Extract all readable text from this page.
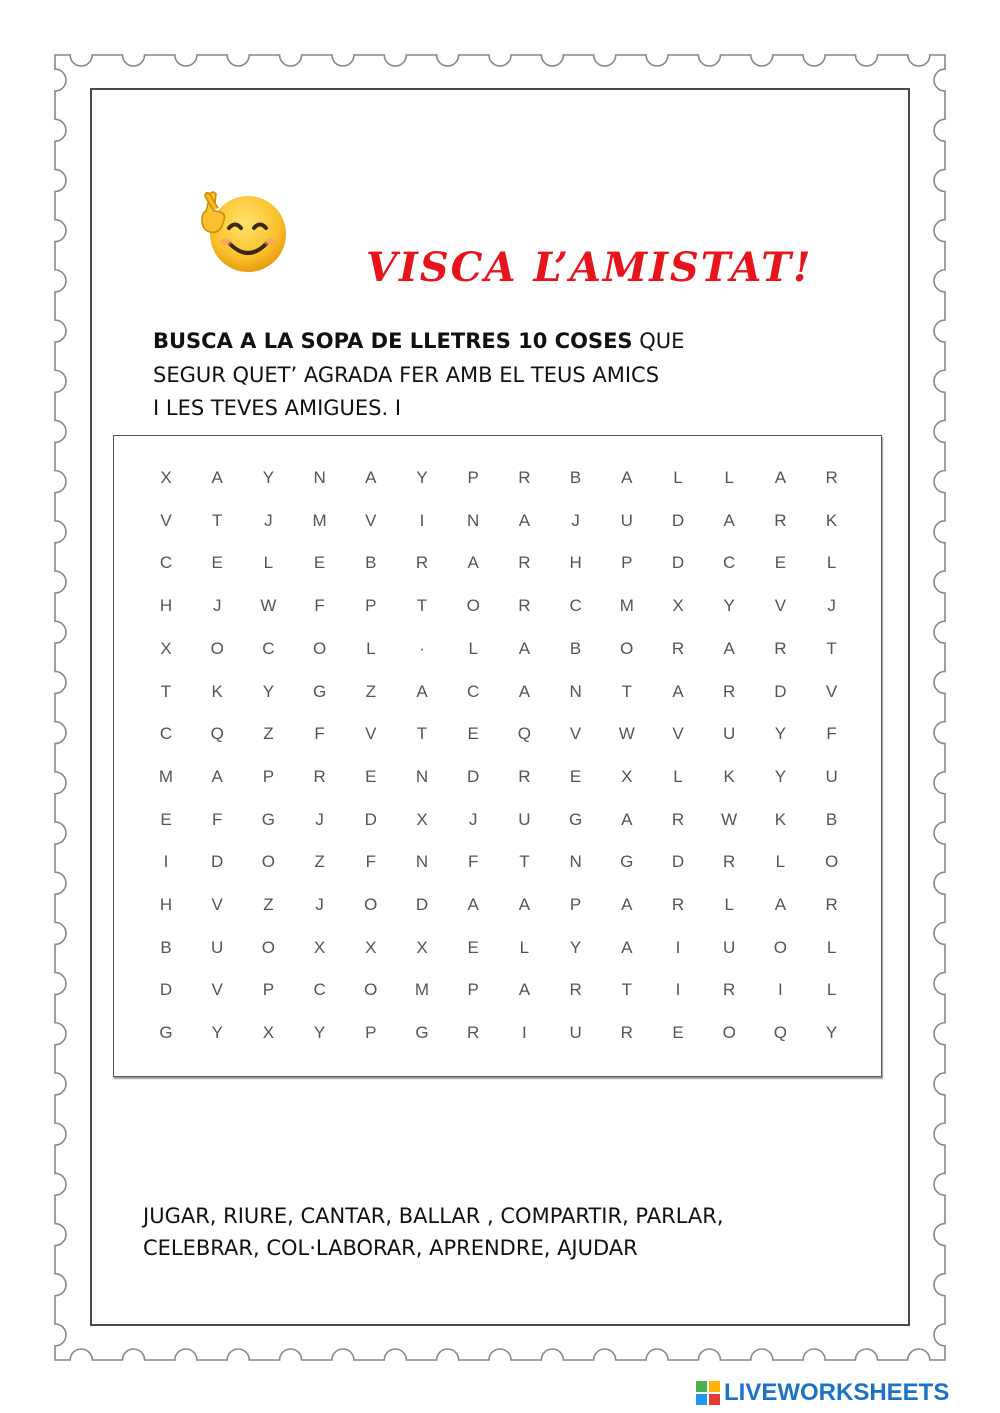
VISCA L’AMISTAT!
BUSCA A LA SOPA DE LLETRES 10 COSES QUE
SEGUR QUET’ AGRADA FER AMB EL TEUS AMICS
I LES TEVES AMIGUES. I
X	A	Y	N	A	Y	P	R	B	A	L	L	A	R
V	T	J	M	V	I	N	A	J	U	D	A	R	K
C	E	L	E	B	R	A	R	H	P	D	C	E	L
H	J	W	F	P	T	O	R	C	M	X	Y	V	J
X	O	C	O	L	·	L	A	B	O	R	A	R	T
T	K	Y	G	Z	A	C	A	N	T	A	R	D	V
C	Q	Z	F	V	T	E	Q	V	W	V	U	Y	F
M	A	P	R	E	N	D	R	E	X	L	K	Y	U
E	F	G	J	D	X	J	U	G	A	R	W	K	B
I	D	O	Z	F	N	F	T	N	G	D	R	L	O
H	V	Z	J	O	D	A	A	P	A	R	L	A	R
B	U	O	X	X	X	E	L	Y	A	I	U	O	L
D	V	P	C	O	M	P	A	R	T	I	R	I	L
G	Y	X	Y	P	G	R	I	U	R	E	O	Q	Y
JUGAR, RIURE, CANTAR, BALLAR , COMPARTIR, PARLAR,
CELEBRAR, COL·LABORAR, APRENDRE, AJUDAR
LIVEWORKSHEETS
